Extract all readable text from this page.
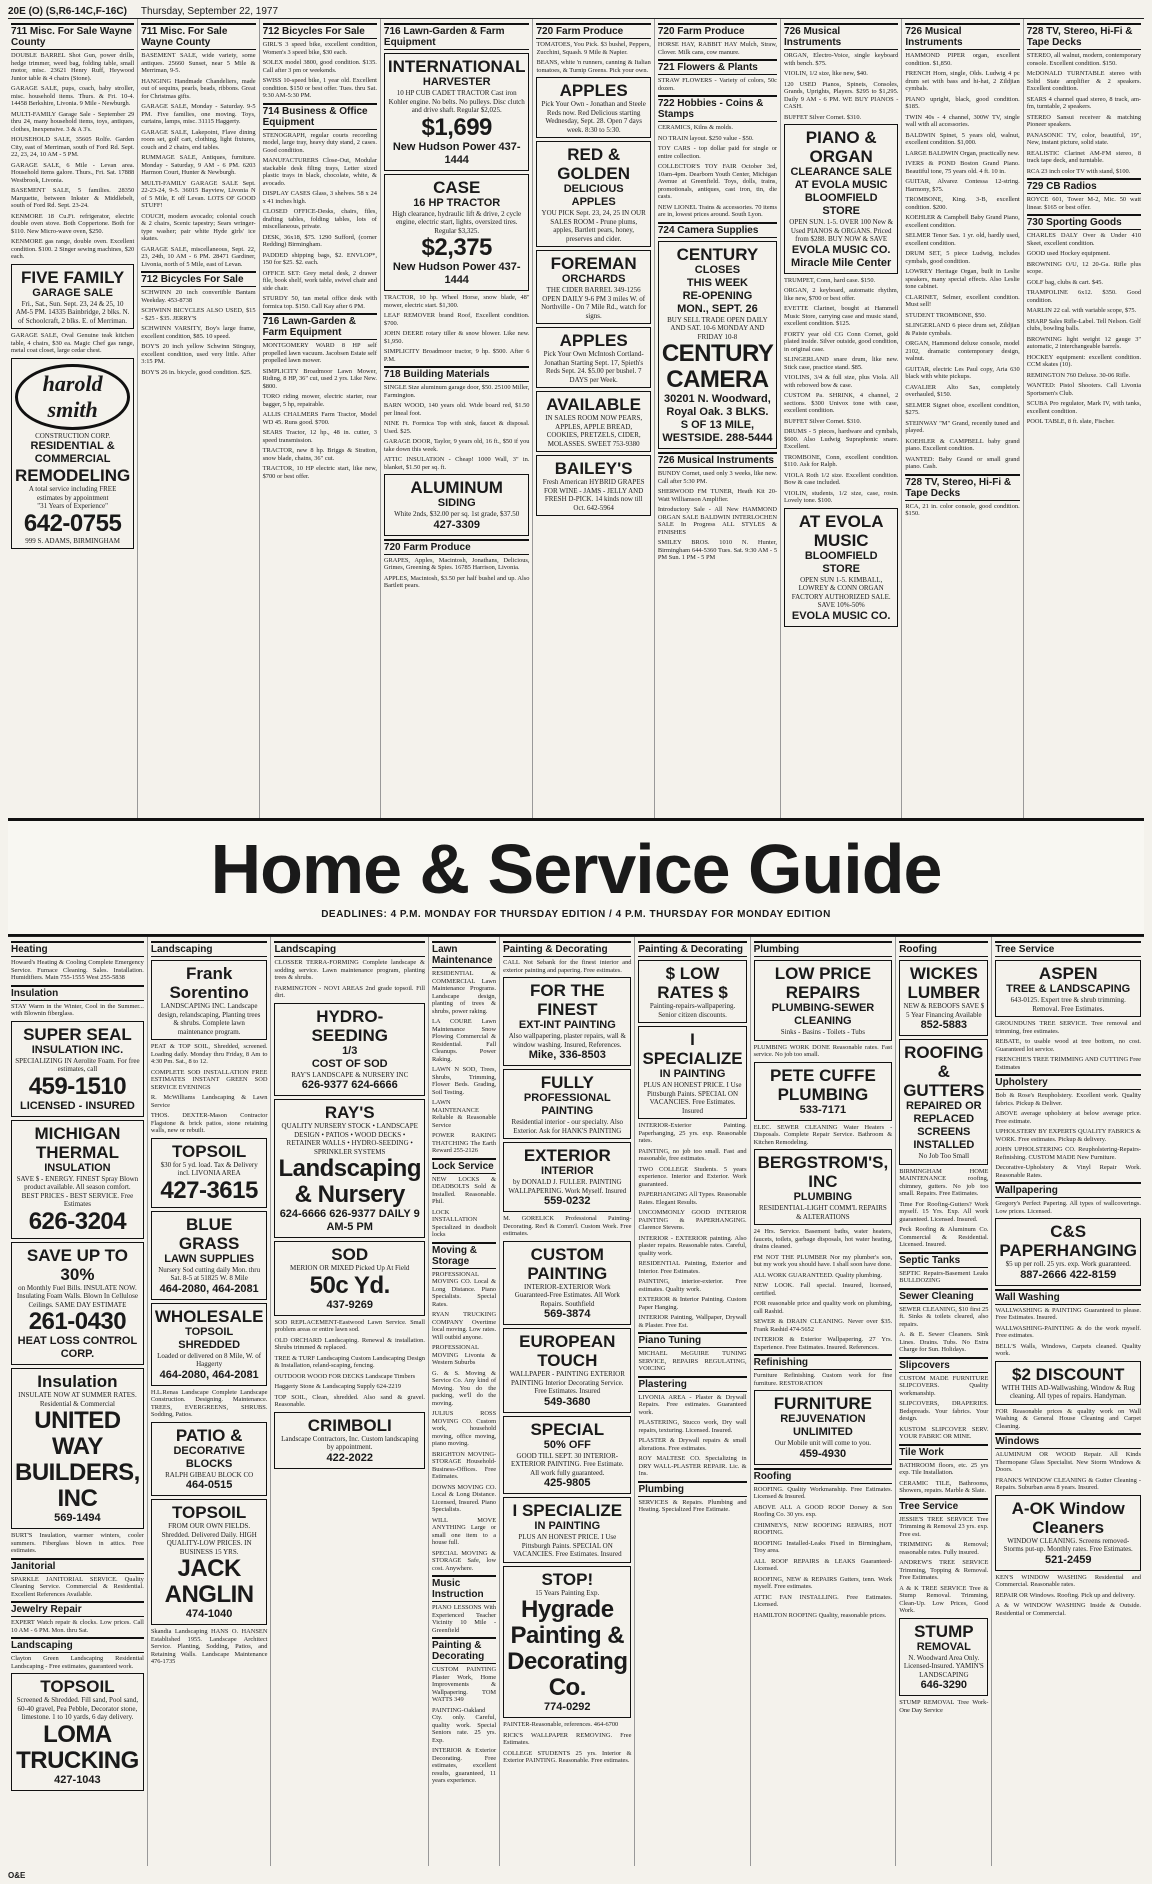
20E (O) (S,R6-14C,F-16C) Thursday, September 22, 1977
711 Misc. For Sale Wayne County
DOUBLE BARREL Shot Gun, power drills, hedge trimmer, weed bag, folding table, small motor, misc. 23621 Henry Ruff, Heywood Junior table & 4 chairs (Stone).
GARAGE SALE, pups, coach, baby stroller, misc. household items. Thurs. & Fri. 10-4. 14458 Berkshire, Livonia. 9 Mile - Newburgh.
MULTI-FAMILY Garage Sale - September 29 thru 24, many household items, toys, antiques, clothes, Inexpensive. 3 & A 3's.
HOUSEHOLD SALE, 35605 Rolfe. Garden City, east of Merriman, south of Ford Rd. Sept. 22, 23, 24, 10 AM - 5 PM.
GARAGE SALE, 6 Mile - Levan area. Household items galore. Thurs., Fri. Sat. 17888 Westbrook, Livonia.
BASEMENT SALE, 5 families. 28350 Marquette, between Inkster & Middlebelt, south of Ford Rd. Sept. 23-24.
KENMORE 18 Cu.Ft. refrigerator, electric double oven stove. Both Coppertone. Both for $110. New Micro-wave oven, $250.
KENMORE gas range, double oven. Excellent condition. $100. 2 Singer sewing machines, $20 each.
FIVE FAMILY
GARAGE SALE
Fri., Sat., Sun. Sept. 23, 24 & 25, 10 AM-5 PM. 14335 Bainbridge, 2 blks. N. of Schoolcraft, 2 blks. E. of Merriman.
GARAGE SALE, Oval Genuine teak kitchen table, 4 chairs, $30 ea. Magic Chef gas range, metal coat closet, large cedar chest.
harold smith
CONSTRUCTION CORP.
RESIDENTIAL & COMMERCIAL
REMODELING
A total service including FREE estimates by appointment
"31 Years of Experience"
642-0755
999 S. ADAMS, BIRMINGHAM
711 Misc. For Sale Wayne County
BASEMENT SALE, wide variety, some antiques. 25660 Sunset, near 5 Mile & Merriman, 9-5.
HANGING Handmade Chandeliers, made out of sequins, pearls, beads, ribbons. Great for Christmas gifts.
GARAGE SALE, Monday - Saturday. 9-5 PM. Five families, one moving. Toys, curtains, lamps, misc. 31115 Haggerty.
GARAGE SALE, Lakepoint, Flave dining room set, golf cart, clothing, light fixtures, couch and 2 chairs, end tables.
RUMMAGE SALE, Antiques, furniture. Monday - Saturday, 9 AM - 6 PM. 6203 Harmon Court, Hunter & Newburgh.
MULTI-FAMILY GARAGE SALE Sept. 22-23-24, 9-5. 36015 Bayview, Livonia N of 5 Mile, E off Levan. LOTS OF GOOD STUFF!
COUCH, modern avocado; colonial couch & 2 chairs, Scenic tapestry; Sears wringer-type washer; pair white Hyde girls' ice skates.
GARAGE SALE, miscellaneous, Sept. 22, 23, 24th, 10 AM - 6 PM. 28471 Gardiner, Livonia, north of 5 Mile, east of Levan.
712 Bicycles For Sale
SCHWINN 20 inch convertible Bantam Weekday. 453-8738
SCHWINN BICYCLES ALSO USED, $15 - $25 - $35. JERRY'S
SCHWINN VARSITY, Boy's large frame, excellent condition, $85. 10 speed.
BOY'S 20 inch yellow Schwinn Stingray, excellent condition, used very little. After 3:15 PM.
BOY'S 26 in. bicycle, good condition. $25.
712 Bicycles For Sale
GIRL'S 3 speed bike, excellent condition, Women's 3 speed bike, $30 each.
SOLEX model 3800, good condition. $135. Call after 3 pm or weekends.
SWISS 10-speed bike, 1 year old. Excellent condition. $150 or best offer. Tues. thru Sat. 9:30 AM-5:30 PM.
714 Business & Office Equipment
STENOGRAPH, regular courts recording model, large tray, heavy duty stand, 2 cases. Good condition.
MANUFACTURERS Close-Out, Modular stackable desk filing trays, Letter sized plastic trays in black, chocolate, white, & avocado.
DISPLAY CASES Glass, 3 shelves. 58 x 24 x 41 inches high.
CLOSED OFFICE-Desks, chairs, files, drafting tables, folding tables, lots of miscellaneous, private.
DESK, 36x18, $75. 1290 Sufford, (corner Redding) Birmingham.
PADDED shipping bags, $2. ENVLOP*, 150 for $25. $2. each.
OFFICE SET: Grey metal desk, 2 drawer file, book shelf, work table, swivel chair and side chair.
STURDY 50, tan metal office desk with formica top. $150. Call Kay after 6 PM.
716 Lawn-Garden & Farm Equipment
MONTGOMERY WARD 8 HP self propelled lawn vacuum. Jacobsen Estate self propelled lawn mower.
SIMPLICITY Broadmoor Lawn Mower, Riding, 8 HP, 36" cut, used 2 yrs. Like New. $800.
TORO riding mower, electric starter, rear bagger, 5 hp, repairable.
ALLIS CHALMERS Farm Tractor, Model WD 45. Runs good. $700.
SEARS Tractor, 12 hp., 48 in. cutter, 3 speed transmission.
TRACTOR, new 8 hp. Briggs & Stratton, snow blade, chains, 36" cut.
TRACTOR, 10 HP electric start, like new, $700 or best offer.
716 Lawn-Garden & Farm Equipment
INTERNATIONAL
HARVESTER
10 HP CUB CADET TRACTOR Cast iron Kohler engine. No belts. No pulleys. Disc clutch and drive shaft. Regular $2,025.
$1,699
New Hudson Power 437-1444
CASE
16 HP TRACTOR
High clearance, hydraulic lift & drive, 2 cycle engine, electric start, lights, oversized tires. Regular $3,325.
$2,375
New Hudson Power 437-1444
TRACTOR, 10 hp. Wheel Horse, snow blade, 48" mower, electric start. $1,300.
LEAF REMOVER brand Roof, Excellent condition. $700.
JOHN DEERE rotary tiller & snow blower. Like new. $1,950.
SIMPLICITY Broadmoor tractor, 9 hp. $500. After 6 P.M.
718 Building Materials
SINGLE Size aluminum garage door, $50. 25100 Miller, Farmington.
BARN WOOD, 140 years old. Wide board red, $1.50 per lineal foot.
NINE Ft. Formica Top with sink, faucet & disposal. Used. $25.
GARAGE DOOR, Taylor, 9 years old, 16 ft., $50 if you take down this week.
ATTIC INSULATION - Cheap! 1000 Wall, 3" in. blanket, $1.50 per sq. ft.
ALUMINUM
SIDING
White 2nds, $32.00 per sq. 1st grade, $37.50
427-3309
720 Farm Produce
GRAPES, Apples, Macintosh, Jonathans, Delicious, Grimes, Greening & Spies. 16785 Harrison, Livonia.
APPLES, Macintosh, $3.50 per half bushel and up. Also Bartlett pears.
720 Farm Produce
TOMATOES, You Pick. $3 bushel, Peppers, Zucchini, Squash. 9 Mile & Napier.
BEANS, white 'n runners, canning & Italian tomatoes, & Turnip Greens. Pick your own.
APPLES
Pick Your Own - Jonathan and Steele Reds now. Red Delicious starting Wednesday, Sept. 28. Open 7 days week. 8:30 to 5:30.
RED & GOLDEN
DELICIOUS
APPLES
YOU PICK Sept. 23, 24, 25 IN OUR SALES ROOM - Prune plums, apples, Bartlett pears, honey, preserves and cider.
FOREMAN
ORCHARDS
THE CIDER BARREL 349-1256 OPEN DAILY 9-6 PM 3 miles W. of Northville - On 7 Mile Rd., watch for signs.
APPLES
Pick Your Own McIntosh Cortland-Jonathan Starting Sept. 17, Spieth's Reds Sept. 24. $5.00 per bushel. 7 DAYS per Week.
AVAILABLE
IN SALES ROOM NOW PEARS, APPLES, APPLE BREAD, COOKIES, PRETZELS, CIDER, MOLASSES. SWEET 753-9380
BAILEY'S
Fresh American HYBRID GRAPES FOR WINE - JAMS - JELLY AND FRESH D-PICK. 14 kinds now till Oct. 642-5964
720 Farm Produce
HORSE HAY, RABBIT HAY Mulch, Straw, Clover. Milk cans, cow manure.
721 Flowers & Plants
STRAW FLOWERS - Variety of colors, 50c dozen.
722 Hobbies - Coins & Stamps
CERAMICS, Kilns & molds.
NO TRAIN layout. $250 value - $50.
TOY CARS - top dollar paid for single or entire collection.
COLLECTOR'S TOY FAIR October 3rd, 10am-4pm. Dearborn Youth Center, Michigan Avenue at Greenfield. Toys, dolls, trains, promotionals, antiques, cast iron, tin, die casts.
NEW LIONEL Trains & accessories. 70 items are in, lowest prices around. South Lyon.
724 Camera Supplies
CENTURY
CLOSES
THIS WEEK
RE-OPENING
MON., SEPT. 26
BUY SELL TRADE OPEN DAILY AND SAT. 10-6 MONDAY AND FRIDAY 10-8
CENTURY CAMERA
30201 N. Woodward, Royal Oak. 3 BLKS. S OF 13 MILE, WESTSIDE. 288-5444
726 Musical Instruments
BUNDY Cornet, used only 3 weeks, like new. Call after 5:30 PM.
SHERWOOD FM TUNER, Heath Kit 20-Watt Williamson Amplifier.
Introductory Sale - All New HAMMOND ORGAN SALE BALDWIN INTERLOCHEN SALE In Progress ALL STYLES & FINISHES
SMILEY BROS. 1010 N. Hunter, Birmingham 644-5360 Tues. Sat. 9:30 AM - 5 PM Sun. 1 PM - 5 PM
726 Musical Instruments
ORGAN, Electro-Voice, single keyboard with bench. $75.
VIOLIN, 1/2 size, like new, $40.
120 USED Pianos, Spinets, Consoles, Grands, Uprights, Players. $295 to $1,295. Daily 9 AM - 6 PM. WE BUY PIANOS - CASH.
BUFFET Silver Cornet. $310.
PIANO & ORGAN
CLEARANCE SALE
AT EVOLA MUSIC
BLOOMFIELD STORE
OPEN SUN. 1-5. OVER 100 New & Used PIANOS & ORGANS. Priced from $288. BUY NOW & SAVE
EVOLA MUSIC CO. Miracle Mile Center
TRUMPET, Conn, hard case. $150.
ORGAN, 2 keyboard, automatic rhythm, like new, $700 or best offer.
EVETTE Clarinet, bought at Hammell Music Store, carrying case and music stand, excellent condition. $125.
FORTY year old CG Conn Cornet, gold plated inside. Silver outside, good condition, in original case.
SLINGERLAND snare drum, like new. Stick case, practice stand. $85.
VIOLINS, 3/4 & full size, plus Viola. All with rebowed bow & case.
CUSTOM Pa. SHRINK, 4 channel, 2 sections. $300 Univox tone with case, excellent condition.
BUFFET Silver Cornet. $310.
DRUMS - 5 pieces, hardware and cymbals, $600. Also Ludwig Supraphonic snare. Excellent.
TROMBONE, Conn, excellent condition. $110. Ask for Ralph.
VIOLA Roth 1/2 size. Excellent condition. Bow & case included.
VIOLIN, students, 1/2 size, case, rosin. Lovely tone. $100.
AT EVOLA MUSIC
BLOOMFIELD STORE
OPEN SUN 1-5. KIMBALL, LOWREY & CONN ORGAN FACTORY AUTHORIZED SALE. SAVE 10%-50%
EVOLA MUSIC CO.
726 Musical Instruments
HAMMOND PIPER organ, excellent condition. $1,850.
FRENCH Horn, single, Olds. Ludwig 4 pc drum set with bass and hi-hat, 2 Zildjian cymbals.
PIANO upright, black, good condition. $185.
TWIN 40s - 4 channel, 300W TV, single wall with all accessories.
BALDWIN Spinet, 5 years old, walnut, excellent condition. $1,000.
LARGE BALDWIN Organ, practically new.
IVERS & POND Boston Grand Piano. Beautiful tone, 75 years old. 4 ft. 10 in.
GUITAR, Alvarez Contessa 12-string. Harmony, $75.
TROMBONE, King. 3-B, excellent condition. $200.
KOEHLER & Campbell Baby Grand Piano, excellent condition.
SELMER Tenor Sax. 1 yr. old, hardly used, excellent condition.
DRUM SET, 5 piece Ludwig, includes cymbals, good condition.
LOWREY Heritage Organ, built in Leslie speakers, many special effects. Also Leslie tone cabinet.
CLARINET, Selmer, excellent condition. Must sell!
STUDENT TROMBONE, $50.
SLINGERLAND 6 piece drum set, Zildjian & Paiste cymbals.
ORGAN, Hammond deluxe console, model 2102, dramatic contemporary design, walnut.
GUITAR, electric Les Paul copy, Aria 630 black with white pickups.
CAVALIER Alto Sax, completely overhauled, $150.
SELMER Signet oboe, excellent condition, $275.
STEINWAY "M" Grand, recently tuned and played.
KOEHLER & CAMPBELL baby grand piano. Excellent condition.
WANTED: Baby Grand or small grand piano. Cash.
728 TV, Stereo, Hi-Fi & Tape Decks
RCA, 21 in. color console, good condition. $150.
728 TV, Stereo, Hi-Fi & Tape Decks
STEREO, all walnut, modern, contemporary console. Excellent condition. $150.
McDONALD TURNTABLE stereo with Solid State amplifier & 2 speakers. Excellent condition.
SEARS 4 channel quad stereo, 8 track, am-fm, turntable, 2 speakers.
STEREO Sansui receiver & matching Pioneer speakers.
PANASONIC TV, color, beautiful, 19", New, instant picture, solid state.
REALISTIC Clarinet AM-FM stereo, 8 track tape deck, and turntable.
RCA 23 inch color TV with stand, $100.
729 CB Radios
ROYCE 601, Tower M-2, Mic. 50 watt linear. $165 or best offer.
730 Sporting Goods
CHARLES DALY Over & Under 410 Skeet, excellent condition.
GOOD used Hockey equipment.
BROWNING O/U, 12 20-Ga. Rifle plus scope.
GOLF bag, clubs & cart. $45.
TRAMPOLINE 6x12. $350. Good condition.
MARLIN 22 cal. with variable scope, $75.
SHARP Sales Rifle-Label. Tell Nelson. Golf clubs, bowling balls.
BROWNING light weight 12 gauge 3" automatic, 2 interchangeable barrels.
HOCKEY equipment: excellent condition. CCM skates (10).
REMINGTON 760 Deluxe. 30-06 Rifle.
WANTED: Pistol Shooters. Call Livonia Sportsmen's Club.
SCUBA Pro regulator, Mark IV, with tanks, excellent condition.
POOL TABLE, 8 ft. slate, Fischer.
Home & Service Guide
DEADLINES: 4 P.M. MONDAY FOR THURSDAY EDITION / 4 P.M. THURSDAY FOR MONDAY EDITION
Heating
Howard's Heating & Cooling Complete Emergency Service. Furnace Cleaning. Sales. Installation. Humidifiers. Main 755-1555 West 255-5838
Insulation
STAY Warm in the Winter, Cool in the Summer... with Blownin fiberglass.
SUPER SEAL
INSULATION INC.
SPECIALIZING IN Aerolite Foam. For free estimates, call
459-1510
LICENSED - INSURED
MICHIGAN THERMAL
INSULATION
SAVE $ - ENERGY. FINEST Spray Blown product available. All season comfort. BEST PRICES - BEST SERVICE. Free Estimates
626-3204
SAVE UP TO 30%
on Monthly Fuel Bills. INSULATE NOW. Insulating Foam Walls. Blown In Cellulose Ceilings. SAME DAY ESTIMATE
261-0430
HEAT LOSS CONTROL CORP.
Insulation
INSULATE NOW AT SUMMER RATES. Residential & Commercial
UNITED WAY BUILDERS, INC
569-1494
BURT'S Insulation, warmer winters, cooler summers. Fiberglass blown in attics. Free estimates.
Janitorial
SPARKLE JANITORIAL SERVICE. Quality Cleaning Service. Commercial & Residential. Excellent References Available.
Jewelry Repair
EXPERT Watch repair & clocks. Low prices. Call 10 AM - 6 PM. Mon. thru Sat.
Landscaping
Clayton Green Landscaping Residential Landscaping - Free estimates, guaranteed work.
TOPSOIL
Screened & Shredded. Fill sand, Pool sand, 60-40 gravel, Pea Pebble, Decorator stone, limestone. 1 to 10 yards, 6 day delivery.
LOMA TRUCKING
427-1043
Landscaping
Frank Sorentino
LANDSCAPING INC. Landscape design, relandscaping, Planting trees & shrubs. Complete lawn maintenance program.
PEAT & TOP SOIL, Shredded, screened. Loading daily. Monday thru Friday, 8 Am to 4:30 Pm. Sat., 8 to 12.
COMPLETE SOD INSTALLATION FREE ESTIMATES INSTANT GREEN SOD SERVICE EVENINGS
R. McWilliams Landscaping & Lawn Service
THOS. DEXTER-Mason Contractor Flagstone & brick patios, stone retaining walls, new or rebuilt.
TOPSOIL
$30 for 5 yd. load. Tax & Delivery incl. LIVONIA AREA
427-3615
BLUE GRASS
LAWN SUPPLIES
Nursery Sod cutting daily Mon. thru Sat. 8-5 at 51825 W. 8 Mile
464-2080, 464-2081
WHOLESALE
TOPSOIL
SHREDDED
Loaded or delivered on 8 Mile, W. of Haggerty
464-2080, 464-2081
H.L.Renas Landscape Complete Landscape Construction. Designing. Maintenance. TREES, EVERGREENS, SHRUBS. Sodding, Patios.
PATIO &
DECORATIVE BLOCKS
RALPH GIBEAU BLOCK CO
464-0515
TOPSOIL
FROM OUR OWN FIELDS. Shredded. Delivered Daily. HIGH QUALITY-LOW PRICES. IN BUSINESS 15 YRS.
JACK ANGLIN
474-1040
Skandia Landscaping HANS O. HANSEN Established 1955. Landscape Architect Service. Planting, Sodding, Patios, and Retaining Walls. Landscape Maintenance 476-1735
Landscaping
CLOSSER TERRA-FORMING Complete landscape & sodding service. Lawn maintenance program, planting trees & shrubs.
FARMINGTON - NOVI AREAS 2nd grade topsoil. Fill dirt.
HYDRO-SEEDING
1/3
COST OF SOD
RAY'S LANDSCAPE & NURSERY INC
626-9377 624-6666
RAY'S
QUALITY NURSERY STOCK • LANDSCAPE DESIGN • PATIOS • WOOD DECKS • RETAINER WALLS • HYDRO-SEEDING • SPRINKLER SYSTEMS
Landscaping & Nursery
624-6666 626-9377 DAILY 9 AM-5 PM
SOD
MERION OR MIXED Picked Up At Field
50c Yd.
437-9269
SOD REPLACEMENT-Eastwood Lawn Service. Small problem areas or entire lawn sod.
OLD ORCHARD Landscaping. Renewal & installation. Shrubs trimmed & replaced.
TREE & TURF Landscaping Custom Landscaping Design & Installation, reland-scaping, fencing.
OUTDOOR WOOD FOR DECKS Landscape Timbers
Haggerty Stone & Landscaping Supply 624-2219
TOP SOIL, Clean, shredded. Also sand & gravel. Reasonable.
CRIMBOLI
Landscape Contractors, Inc. Custom landscaping by appointment.
422-2022
Lawn Maintenance
RESIDENTIAL & COMMERCIAL Lawn Maintenance Programs. Landscape design, planting of trees & shrubs, power raking.
LA COURE Lawn Maintenance Snow Plowing Commercial & Residential. Fall Cleanups. Power Raking.
LAWN N SOD, Trees, Shrubs, Trimming, Flower Beds. Grading, Soil Testing.
LAWN MAINTENANCE Reliable & Reasonable Service
POWER RAKING THATCHING The Earth Reward 255-2126
Lock Service
NEW LOCKS & DEADBOLTS Sold & Installed. Reasonable. Phil.
LOCK INSTALLATION Specialized in deadbolt locks
Moving & Storage
PROFESSIONAL MOVING CO. Local & Long Distance. Piano Specialists. Special Rates.
RYAN TRUCKING COMPANY Overtime local moving. Low rates. Will outbid anyone.
PROFESSIONAL MOVING Livonia & Western Suburbs
G. & S. Moving & Service Co. Any kind of Moving. You do the packing, we'll do the moving.
JULIUS ROSS MOVING CO. Custom work, household moving, office moving, piano moving.
BRIGHTON MOVING-STORAGE Household-Business-Offices. Free Estimates.
DOWNS MOVING CO. Local & Long Distance. Licensed, Insured. Piano Specialists.
WILL MOVE ANYTHING Large or small one item to a house full.
SPECIAL MOVING & STORAGE Safe, low cost. Anywhere.
Music Instruction
PIANO LESSONS With Experienced Teacher Vicinity 10 Mile - Greenfield
Painting & Decorating
CUSTOM PAINTING Plaster Work, Home Improvements & Wallpapering. TOM WATTS 349
PAINTING-Oakland Cty. only. Careful, quality work. Special Seniors rate. 25 yrs. Exp.
INTERIOR & Exterior Decorating. Free estimates, excellent results, guaranteed, 11 years experience.
Painting & Decorating
CALL Not Sebank for the finest interior and exterior painting and papering. Free estimates.
FOR THE FINEST
EXT-INT PAINTING
Also wallpapering, plaster repairs, wall & window washing. Insured, References.
Mike, 336-8503
FULLY
PROFESSIONAL
PAINTING
Residential interior - our specialty. Also Exterior. Ask for HANK'S PAINTING
EXTERIOR
INTERIOR
by DONALD J. FULLER. PAINTING WALLPAPERING. Work Myself. Insured
559-0232
M. GORELICK Professional Painting-Decorating. Res'l & Comm'l. Custom Work. Free estimates.
CUSTOM PAINTING
INTERIOR-EXTERIOR Work Guaranteed-Free Estimates. All Work Repairs. Southfield
569-3874
EUROPEAN TOUCH
WALLPAPER - PAINTING EXTERIOR PAINTING Interior Decorating Service. Free Estimates. Insured
549-3680
SPECIAL
50% OFF
GOOD TILL SEPT. 30 INTERIOR-EXTERIOR PAINTING. Free Estimate. All work fully guaranteed.
425-9805
I SPECIALIZE
IN PAINTING
PLUS AN HONEST PRICE. I Use Pittsburgh Paints. SPECIAL ON VACANCIES. Free Estimates. Insured
STOP!
15 Years Painting Exp.
Hygrade Painting & Decorating Co.
774-0292
PAINTER-Reasonable, references. 464-6700
RICK'S WALLPAPER REMOVING. Free Estimates.
COLLEGE STUDENTS 25 yrs. Interior & Exterior PAINTING. Reasonable. Free estimates.
Painting & Decorating
$ LOW RATES $
Painting-repairs-wallpapering. Senior citizen discounts.
I SPECIALIZE
IN PAINTING
PLUS AN HONEST PRICE. I Use Pittsburgh Paints. SPECIAL ON VACANCIES. Free Estimates. Insured
INTERIOR-Exterior Painting. Paperhanging, 25 yrs. exp. Reasonable rates.
PAINTING, no job too small. Fast and reasonable, free estimates.
TWO COLLEGE Students. 5 years experience. Interior and Exterior. Work guaranteed.
PAPERHANGING All Types. Reasonable Rates. Elegant Results.
UNCOMMONLY GOOD INTERIOR PAINTING & PAPERHANGING. Clarence Stevens.
INTERIOR - EXTERIOR painting. Also plaster repairs. Reasonable rates. Careful, quality work.
RESIDENTIAL Painting, Exterior and Interior. Free Estimates.
PAINTING, interior-exterior. Free estimates. Quality work.
EXTERIOR & Interior Painting. Custom Paper Hanging.
INTERIOR Painting, Wallpaper, Drywall & Plaster. Free Est.
Piano Tuning
MICHAEL McGUIRE TUNING SERVICE, REPAIRS REGULATING, VOICING
Plastering
LIVONIA AREA - Plaster & Drywall Repairs. Free estimates. Guaranteed work.
PLASTERING, Stucco work, Dry wall repairs, texturing. Licensed. Insured.
PLASTER & Drywall repairs & small alterations. Free estimates.
ROY MALTESE CO. Specializing in DRY WALL-PLASTER REPAIR. Lic. & Ins.
Plumbing
SERVICES & Repairs. Plumbing and Heating. Specialized Free Estimate.
Plumbing
LOW PRICE REPAIRS
PLUMBING-SEWER CLEANING
Sinks - Basins - Toilets - Tubs
PLUMBING WORK DONE Reasonable rates. Fast service. No job too small.
PETE CUFFE PLUMBING
533-7171
ELEC. SEWER CLEANING Water Heaters - Disposals. Complete Repair Service. Bathroom & Kitchen Remodeling.
BERGSTROM'S, INC
PLUMBING
RESIDENTIAL-LIGHT COMM'L REPAIRS & ALTERATIONS
24 Hrs. Service. Basement baths, water heaters, faucets, toilets, garbage disposals, hot water heating, drains cleaned.
FM NOT THE PLUMBER Nor my plumber's son, but my work you should have. I shall soon have done.
ALL WORK GUARANTEED. Quality plumbing.
NEW LOOK. Fall special. Insured, licensed, certified.
FOR reasonable price and quality work on plumbing, call Rashid.
SEWER & DRAIN CLEANING. Never over $35. Frank Rashid 474-5652
INTERIOR & Exterior Wallpapering. 27 Yrs. Experience. Free Estimates. Insured. References.
Refinishing
Furniture Refinishing. Custom work for fine furniture. RESTORATION
FURNITURE
REJUVENATION
UNLIMITED
Our Mobile unit will come to you.
459-4930
Roofing
ROOFING. Quality Workmanship. Free Estimates. Licensed & Insured.
ABOVE ALL A GOOD ROOF Dorsey & Son Roofing Co. 30 yrs. exp.
CHIMNEYS, NEW ROOFING REPAIRS, HOT ROOFING.
ROOFING Installed-Leaks Fixed in Birmingham, Troy area.
ALL ROOF REPAIRS & LEAKS Guaranteed-Licensed.
ROOFING, NEW & REPAIRS Gutters, tenn. Work myself. Free estimates.
ATTIC FAN INSTALLING. Free Estimates. Licensed.
HAMILTON ROOFING Quality, reasonable prices.
Roofing
WICKES LUMBER
NEW & REBOOFS SAVE $ 5 Year Financing Available
852-5883
ROOFING & GUTTERS
REPAIRED OR REPLACED
SCREENS INSTALLED
No Job Too Small
BIRMINGHAM HOME MAINTENANCE roofing, chimney, gutters. No job too small. Repairs. Free Estimates.
Time For Roofing-Gutters? Work myself. 15 Yrs. Exp. All work guaranteed. Licensed. Insured.
Peck Roofing & Aluminum Co. Commercial & Residential. Licensed. Insured.
Septic Tanks
SEPTIC Repairs-Basement Leaks BULLDOZING
Sewer Cleaning
SEWER CLEANING, $10 first 25 ft. Sinks & toilets cleared, also repairs.
A. & E. Sewer Cleaners. Sink Lines. Drains. Tubs. No Extra Charge for Sun. Holidays.
Slipcovers
CUSTOM MADE FURNITURE SLIPCOVERS. Quality workmanship.
SLIPCOVERS, DRAPERIES. Bedspreads. Your fabrics. Your design.
KUSTOM SLIPCOVER SERV. YOUR FABRIC OR MINE.
Tile Work
BATHROOM floors, etc. 25 yrs exp. Tile Installation.
CERAMIC TILE, Bathrooms, Showers, repairs. Marble & Slate.
Tree Service
JESSIE'S TREE SERVICE Tree Trimming & Removal 23 yrs. exp. Free est.
TRIMMING & Removal; reasonable rates. Fully insured.
ANDREW'S TREE SERVICE Trimming, Topping & Removal. Free Estimates.
A & K TREE SERVICE Tree & Stump Removal. Trimming, Clean-Up. Low Prices, Good Work.
STUMP
REMOVAL
N. Woodward Area Only. Licensed-Insured. YAMIN'S LANDSCAPING
646-3290
STUMP REMOVAL Tree Work-One Day Service
Tree Service
ASPEN
TREE & LANDSCAPING
643-0125. Expert tree & shrub trimming. Removal. Free Estimates.
GROUNDUNS TREE SERVICE. Tree removal and trimming, free estimates.
REBATE, to usable wood at tree bottom, no cost. Guaranteed lot service.
FRENCHIE'S TREE TRIMMING AND CUTTING Free Estimates
Upholstery
Bob & Rose's Reupholstery. Excellent work. Quality fabrics. Pickup & Deliver.
ABOVE average upholstery at below average price. Free estimate.
UPHOLSTERY BY EXPERTS QUALITY FABRICS & WORK. Free estimates. Pickup & delivery.
JOHN UPHOLSTERING CO. Reupholstering-Repairs-Refinishing. CUSTOM MADE New Furniture.
Decorative-Upholstery & Vinyl Repair Work. Reasonable Rates.
Wallpapering
Gregory's Perfect Papering. All types of wallcoverings. Low prices. Licensed.
C&S PAPERHANGING
$5 up per roll. 25 yrs. exp. Work guaranteed.
887-2666 422-8159
Wall Washing
WALLWASHING & PAINTING Guaranteed to please. Free Estimates. Insured.
WALLWASHING-PAINTING & do the work myself. Free estimates.
BELL'S Walls, Windows, Carpets cleaned. Quality work.
$2 DISCOUNT
WITH THIS AD-Wallwashing, Window & Rug cleaning. All types of repairs. Handyman.
FOR Reasonable prices & quality work on Wall Washing & General House Cleaning and Carpet Cleaning.
Windows
ALUMINUM OR WOOD Repair. All Kinds Thermopane Glass Specialist. New Storm Windows & Doors.
FRANK'S WINDOW CLEANING & Gutter Cleaning - Repairs. Suburban area 8 years. Insured.
A-OK Window Cleaners
WINDOW CLEANING. Screens removed-Storms put-up. Monthly rates. Free Estimates.
521-2459
KEN'S WINDOW WASHING Residential and Commercial. Reasonable rates.
REPAIR OR Windows. Roofing. Pick up and delivery.
A & W WINDOW WASHING Inside & Outside. Residential or Commercial.
O&E
